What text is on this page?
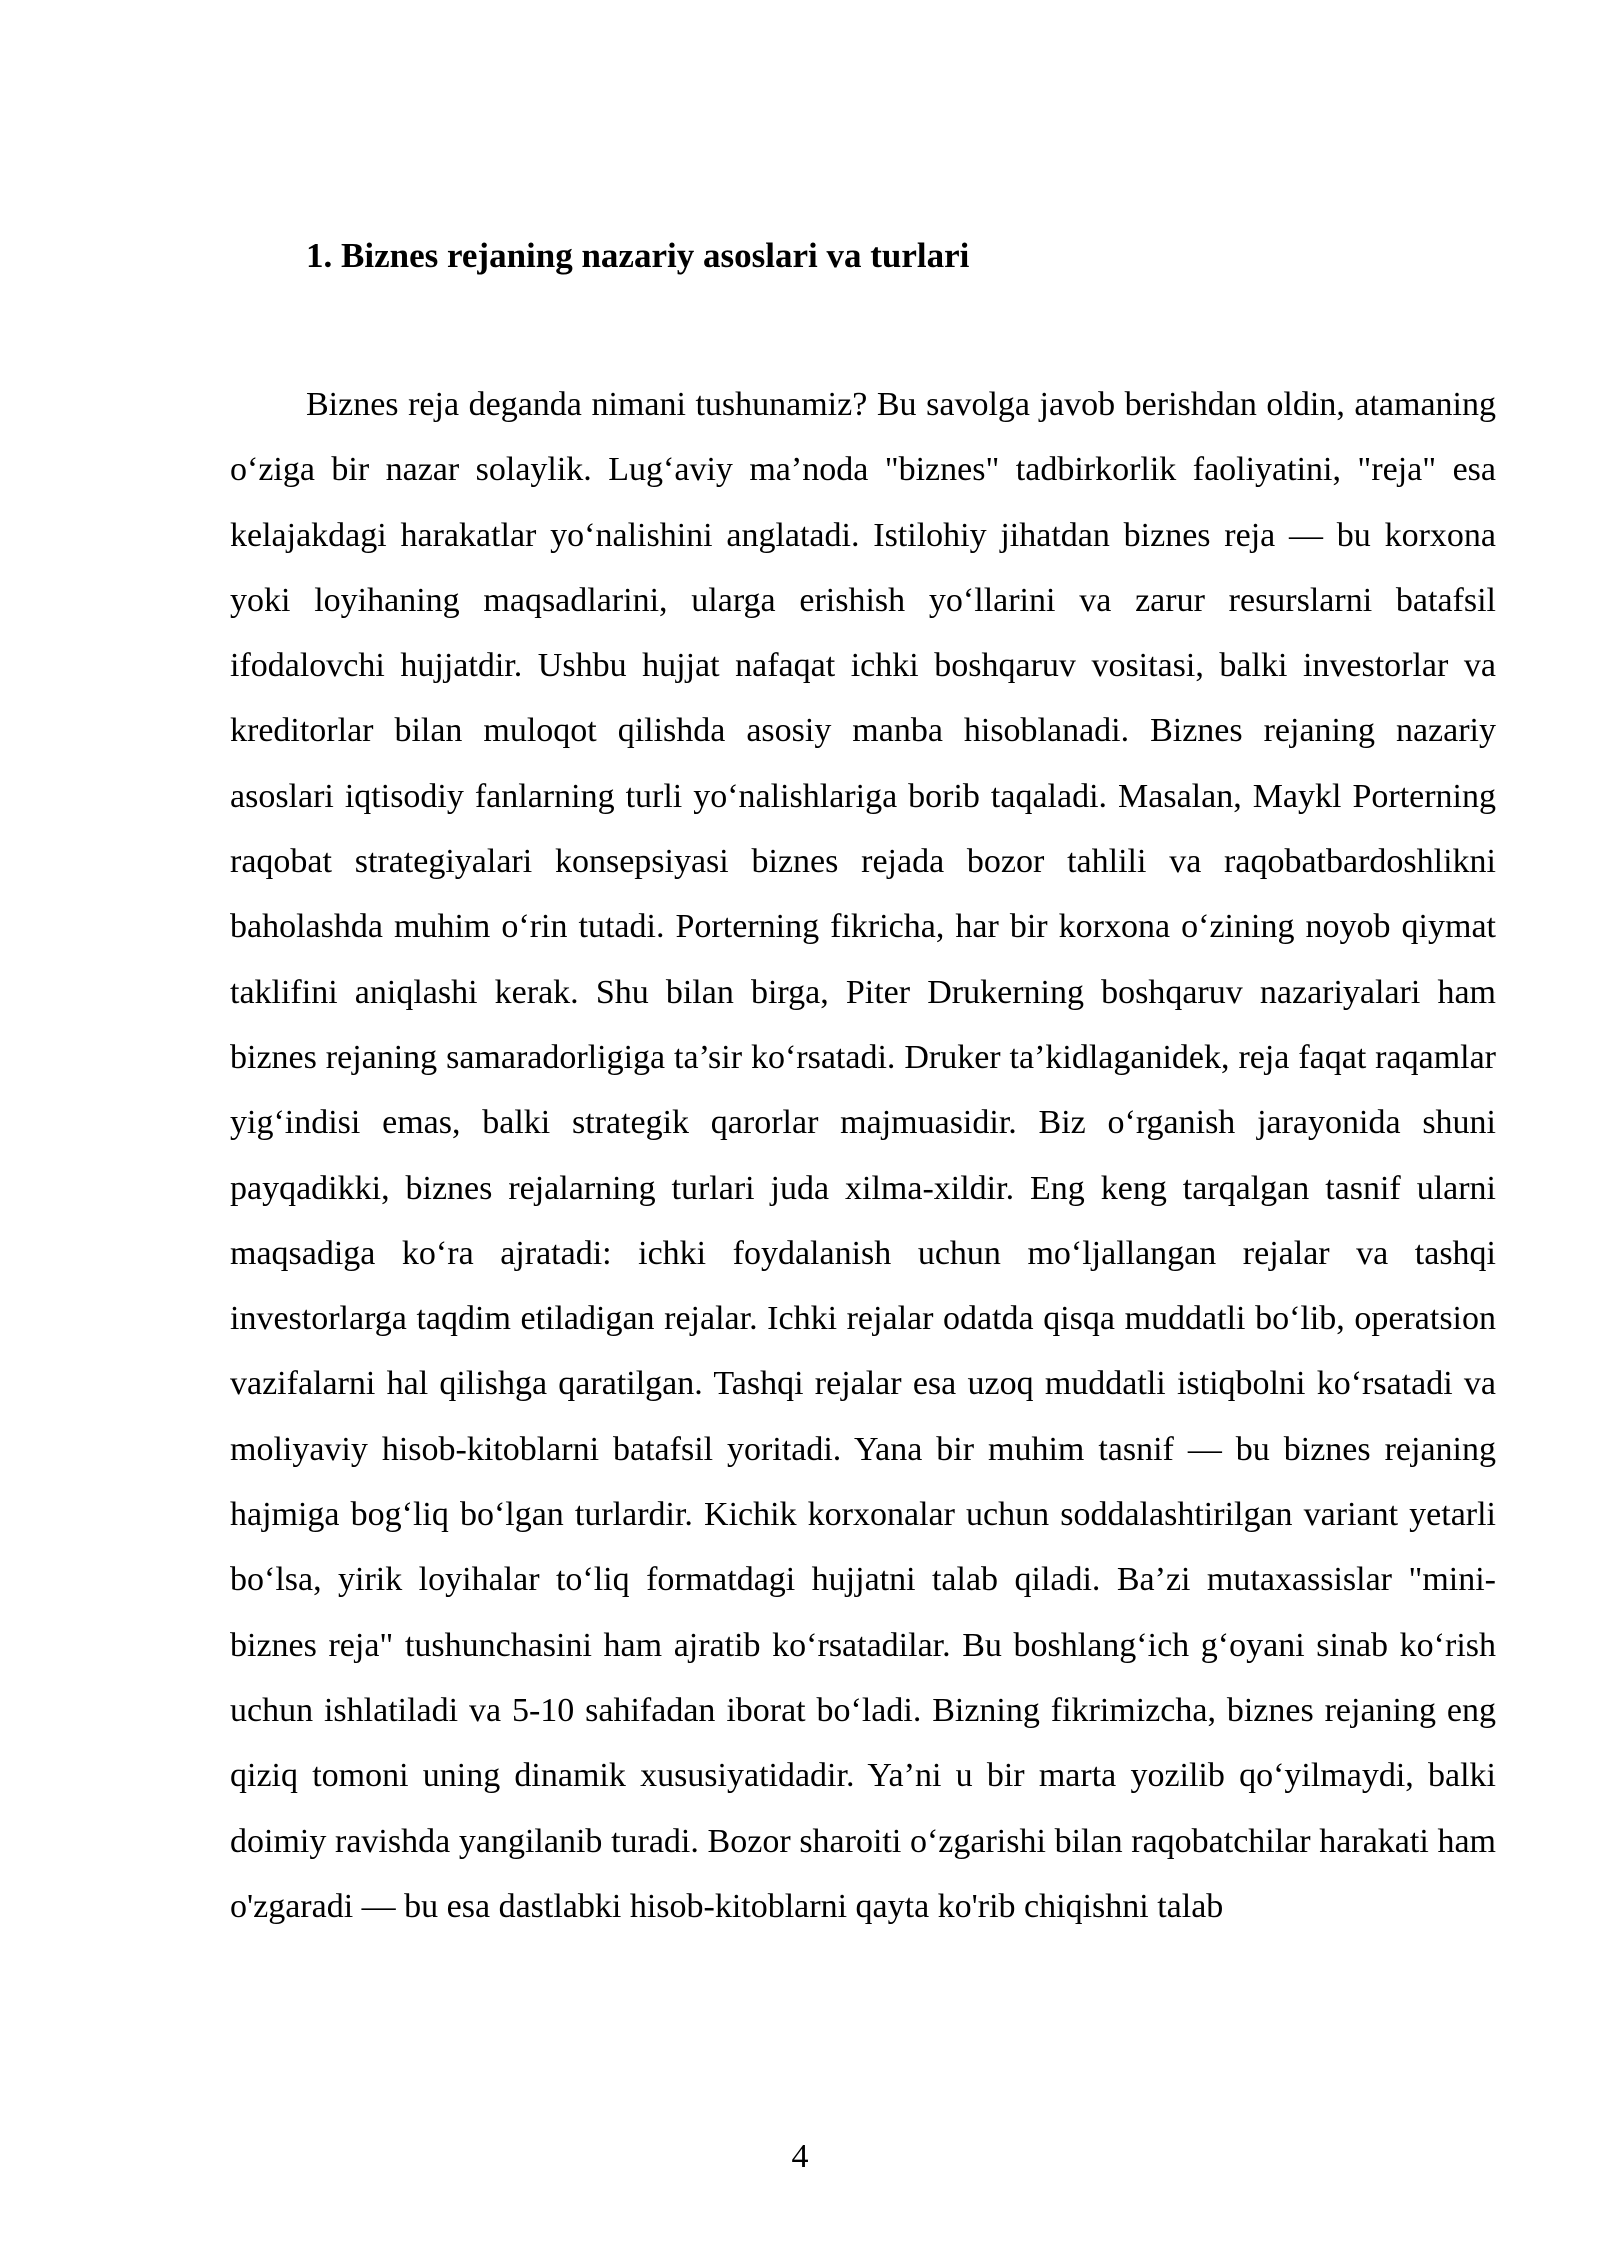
1. Biznes rejaning nazariy asoslari va turlari

Biznes reja deganda nimani tushunamiz? Bu savolga javob berishdan oldin, atamaning o‘ziga bir nazar solaylik. Lug‘aviy ma’noda "biznes" tadbirkorlik faoliyatini, "reja" esa kelajakdagi harakatlar yo‘nalishini anglatadi. Istilohiy jihatdan biznes reja — bu korxona yoki loyihaning maqsadlarini, ularga erishish yo‘llarini va zarur resurslarni batafsil ifodalovchi hujjatdir. Ushbu hujjat nafaqat ichki boshqaruv vositasi, balki investorlar va kreditorlar bilan muloqot qilishda asosiy manba hisoblanadi. Biznes rejaning nazariy asoslari iqtisodiy fanlarning turli yo‘nalishlariga borib taqaladi. Masalan, Maykl Porterning raqobat strategiyalari konsepsiyasi biznes rejada bozor tahlili va raqobatbardoshlikni baholashda muhim o‘rin tutadi. Porterning fikricha, har bir korxona o‘zining noyob qiymat taklifini aniqlashi kerak. Shu bilan birga, Piter Drukerning boshqaruv nazariyalari ham biznes rejaning samaradorligiga ta’sir ko‘rsatadi. Druker ta’kidlaganidek, reja faqat raqamlar yig‘indisi emas, balki strategik qarorlar majmuasidir. Biz o‘rganish jarayonida shuni payqadikki, biznes rejalarning turlari juda xilma-xildir. Eng keng tarqalgan tasnif ularni maqsadiga ko‘ra ajratadi: ichki foydalanish uchun mo‘ljallangan rejalar va tashqi investorlarga taqdim etiladigan rejalar. Ichki rejalar odatda qisqa muddatli bo‘lib, operatsion vazifalarni hal qilishga qaratilgan. Tashqi rejalar esa uzoq muddatli istiqbolni ko‘rsatadi va moliyaviy hisob-kitoblarni batafsil yoritadi. Yana bir muhim tasnif — bu biznes rejaning hajmiga bog‘liq bo‘lgan turlardir. Kichik korxonalar uchun soddalashtirilgan variant yetarli bo‘lsa, yirik loyihalar to‘liq formatdagi hujjatni talab qiladi. Ba’zi mutaxassislar "mini-biznes reja" tushunchasini ham ajratib ko‘rsatadilar. Bu boshlang‘ich g‘oyani sinab ko‘rish uchun ishlatiladi va 5-10 sahifadan iborat bo‘ladi. Bizning fikrimizcha, biznes rejaning eng qiziq tomoni uning dinamik xususiyatidadir. Ya’ni u bir marta yozilib qo‘yilmaydi, balki doimiy ravishda yangilanib turadi. Bozor sharoiti o‘zgarishi bilan raqobatchilar harakati ham o'zgaradi — bu esa dastlabki hisob-kitoblarni qayta ko'rib chiqishni talab

4
